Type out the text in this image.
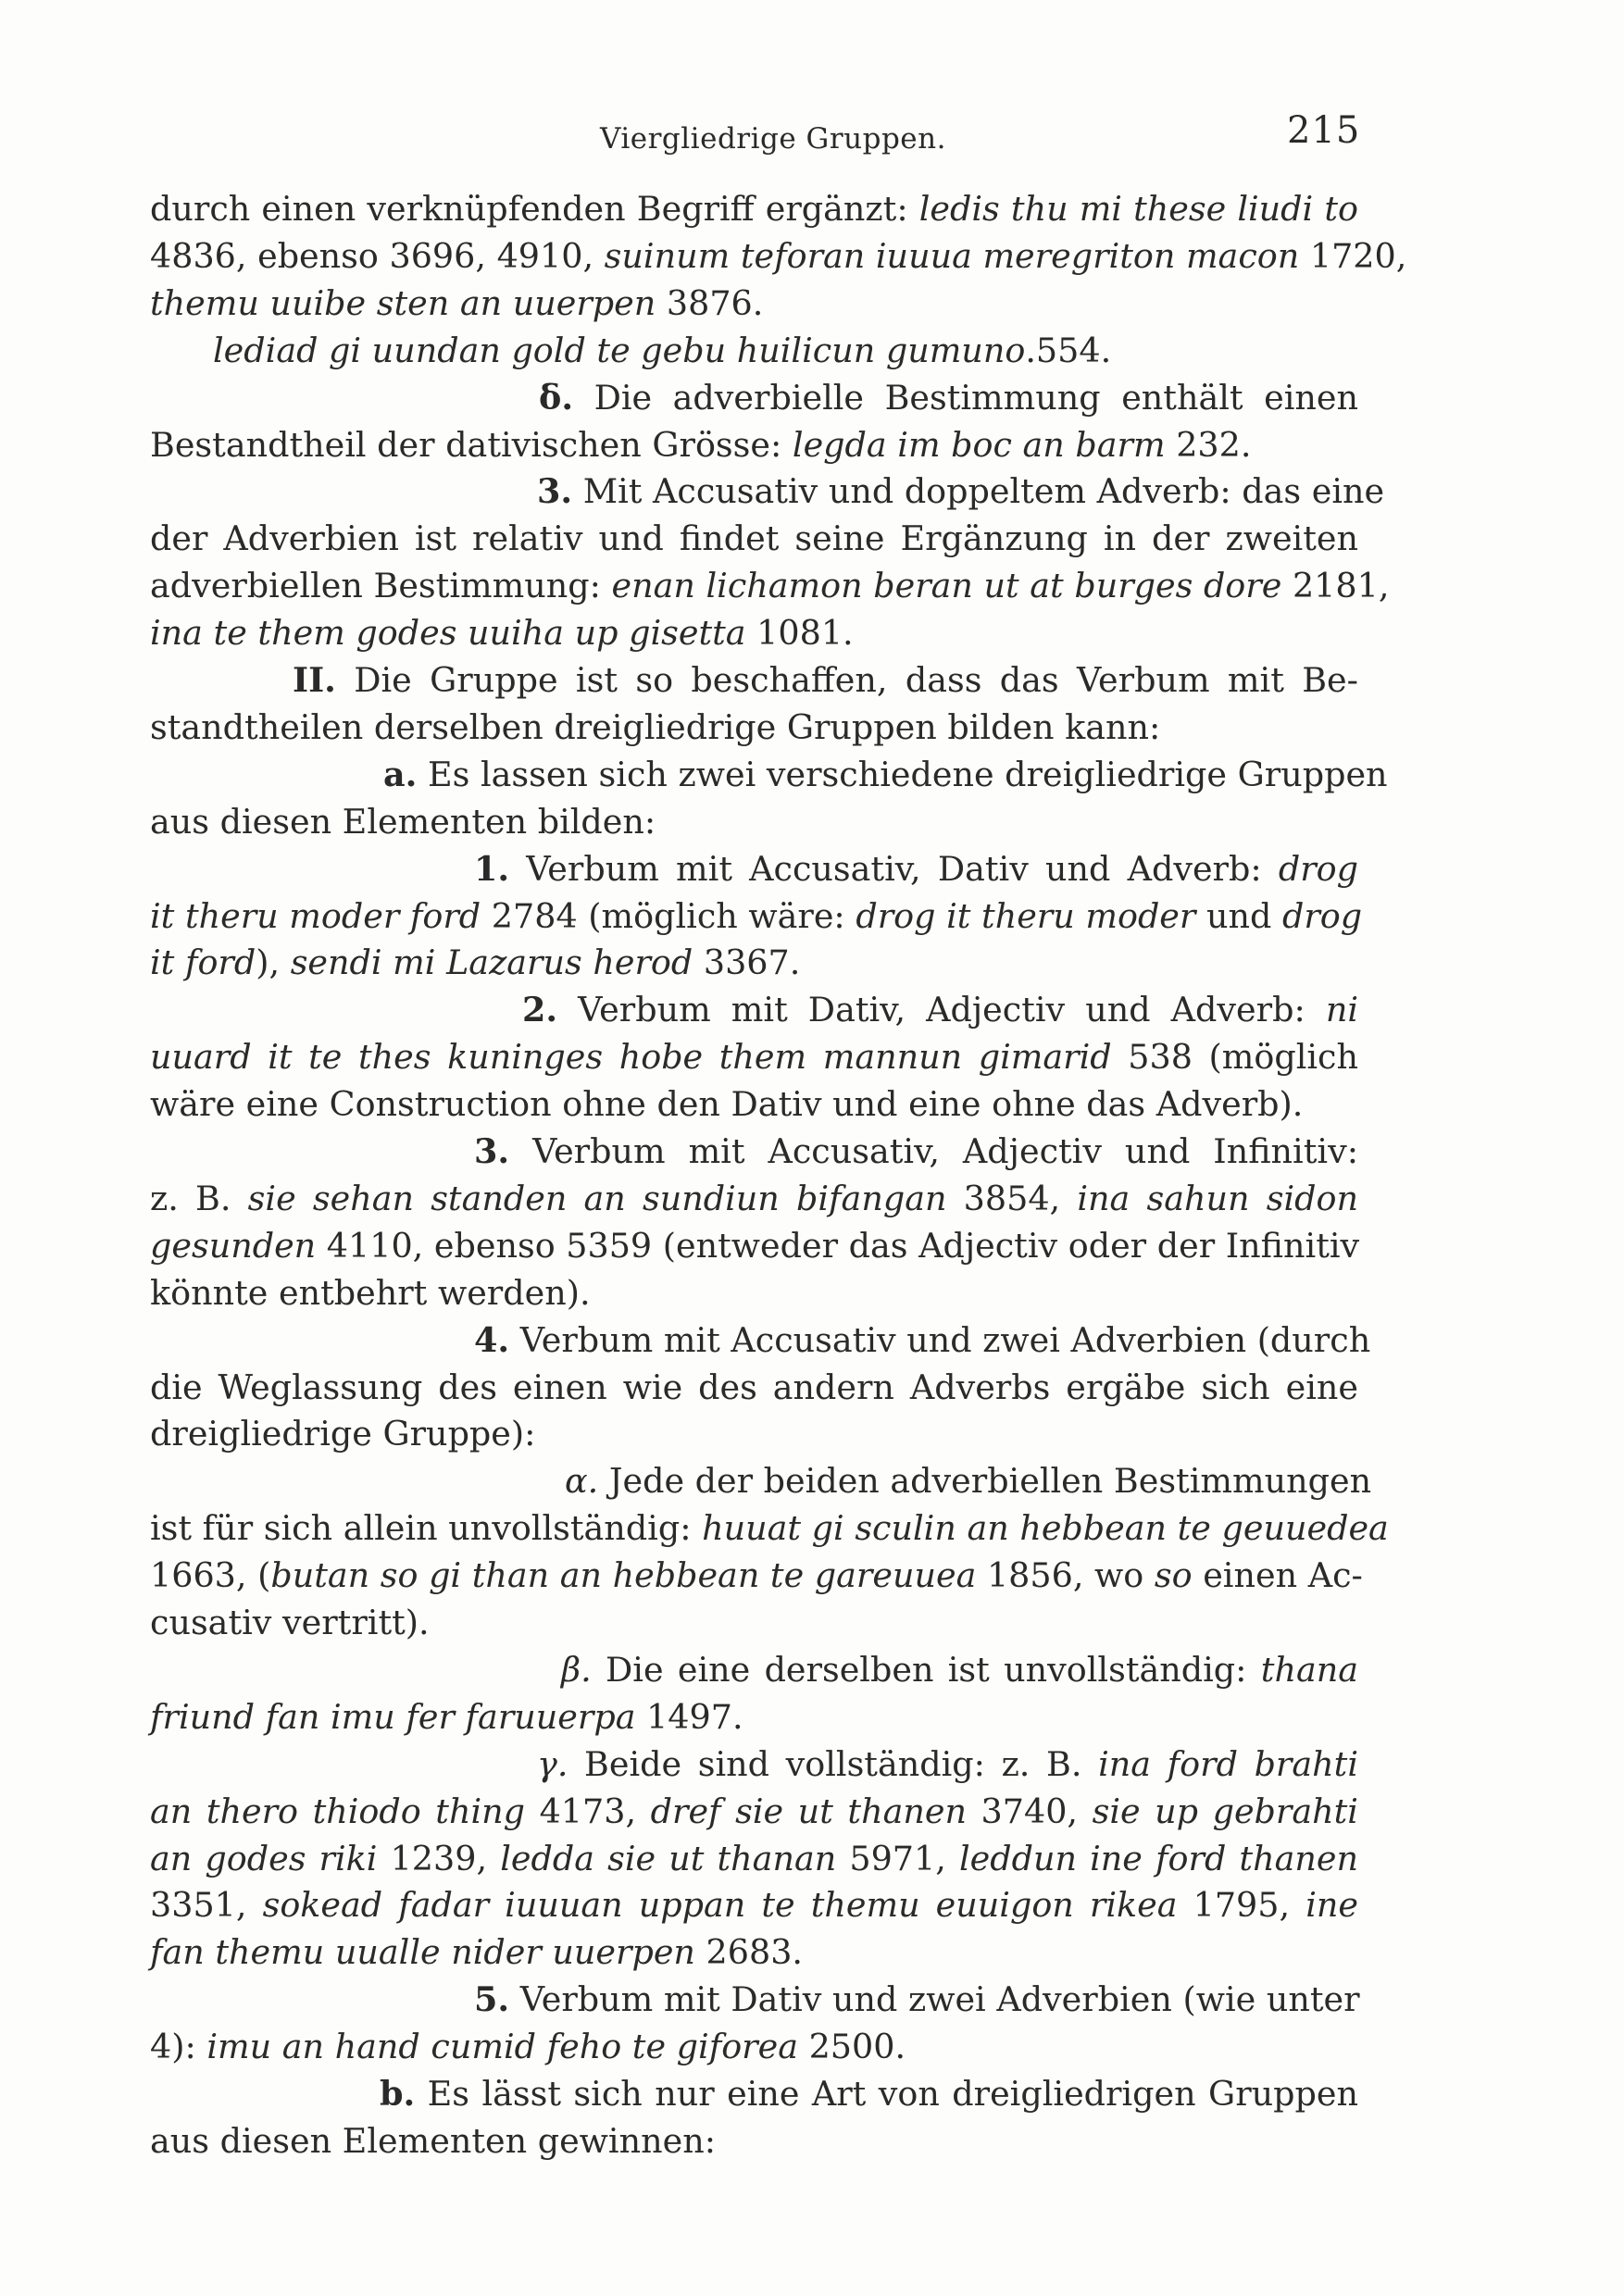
Viergliedrige Gruppen.	215
durch einen verknüpfenden Begriff ergänzt: ledis thu mi these liudi to
4836, ebenso 3696, 4910, suinum teforan iuuua meregriton macon 1720,
themu uuibe sten an uuerpen 3876.
lediad gi uundan gold te gebu huilicun gumuno.554.
δ. Die adverbielle Bestimmung enthält einen
Bestandtheil der dativischen Grösse: legda im boc an barm 232.
3. Mit Accusativ und doppeltem Adverb: das eine
der Adverbien ist relativ und findet seine Ergänzung in der zweiten
adverbiellen Bestimmung: enan lichamon beran ut at burges dore 2181,
ina te them godes uuiha up gisetta 1081.
II. Die Gruppe ist so beschaffen, dass das Verbum mit Be-
standtheilen derselben dreigliedrige Gruppen bilden kann:
a. Es lassen sich zwei verschiedene dreigliedrige Gruppen
aus diesen Elementen bilden:
1. Verbum mit Accusativ, Dativ und Adverb: drog
it theru moder ford 2784 (möglich wäre: drog it theru moder und drog
it ford), sendi mi Lazarus herod 3367.
2. Verbum mit Dativ, Adjectiv und Adverb: ni
uuard it te thes kuninges hobe them mannun gimarid 538 (möglich
wäre eine Construction ohne den Dativ und eine ohne das Adverb).
3. Verbum mit Accusativ, Adjectiv und Infinitiv:
z. B. sie sehan standen an sundiun bifangan 3854, ina sahun sidon
gesunden 4110, ebenso 5359 (entweder das Adjectiv oder der Infinitiv
könnte entbehrt werden).
4. Verbum mit Accusativ und zwei Adverbien (durch
die Weglassung des einen wie des andern Adverbs ergäbe sich eine
dreigliedrige Gruppe):
α. Jede der beiden adverbiellen Bestimmungen
ist für sich allein unvollständig: huuat gi sculin an hebbean te geuuedea
1663, (butan so gi than an hebbean te gareuuea 1856, wo so einen Ac-
cusativ vertritt).
β. Die eine derselben ist unvollständig: thana
friund fan imu fer faruuerpa 1497.
γ. Beide sind vollständig: z. B. ina ford brahti
an thero thiodo thing 4173, dref sie ut thanen 3740, sie up gebrahti
an godes riki 1239, ledda sie ut thanan 5971, leddun ine ford thanen
3351, sokead fadar iuuuan uppan te themu euuigon rikea 1795, ine
fan themu uualle nider uuerpen 2683.
5. Verbum mit Dativ und zwei Adverbien (wie unter
4): imu an hand cumid feho te giforea 2500.
b. Es lässt sich nur eine Art von dreigliedrigen Gruppen
aus diesen Elementen gewinnen:
